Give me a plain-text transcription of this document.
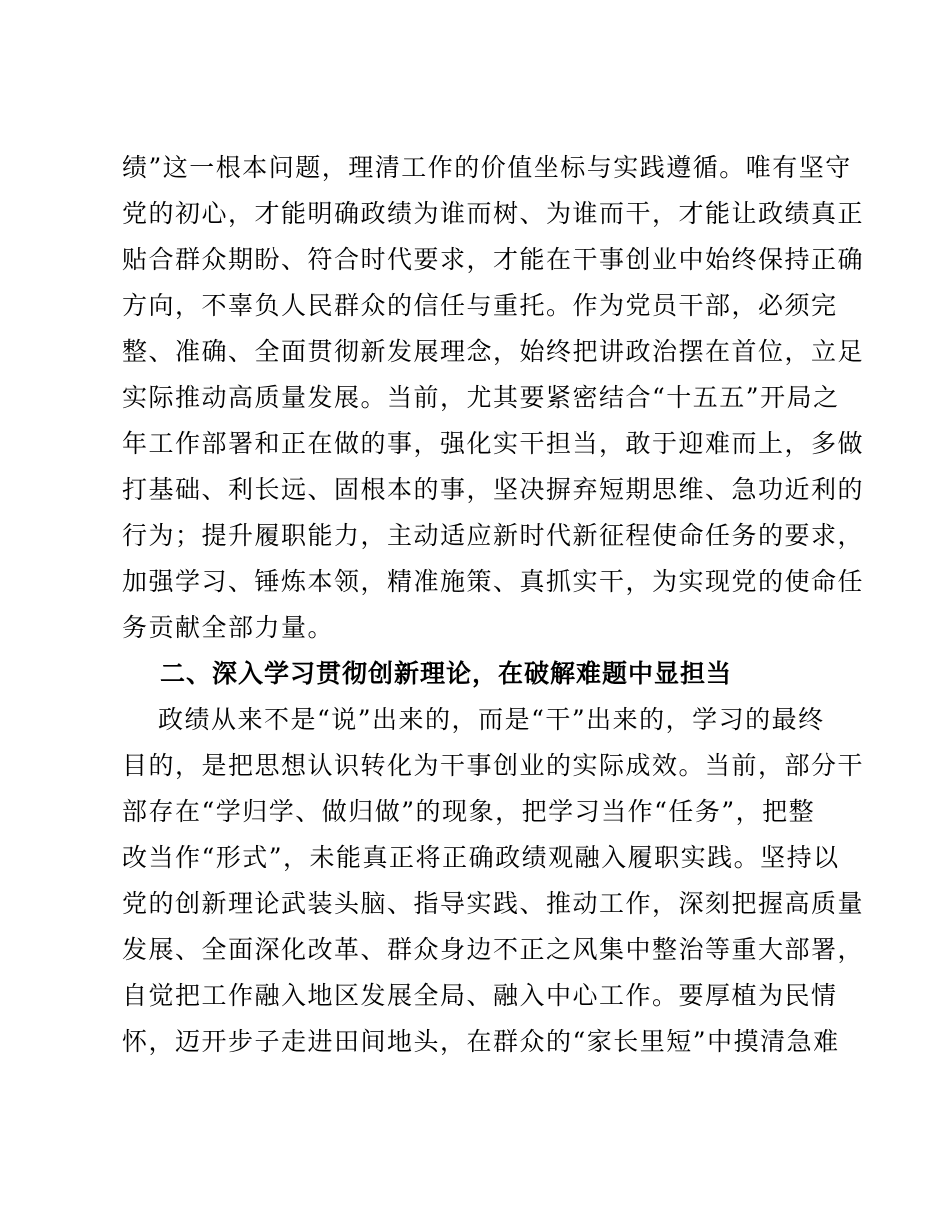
绩”这一根本问题，理清工作的价值坐标与实践遵循。唯有坚守
党的初心，才能明确政绩为谁而树、为谁而干，才能让政绩真正
贴合群众期盼、符合时代要求，才能在干事创业中始终保持正确
方向，不辜负人民群众的信任与重托。作为党员干部，必须完
整、准确、全面贯彻新发展理念，始终把讲政治摆在首位，立足
实际推动高质量发展。当前，尤其要紧密结合“十五五”开局之
年工作部署和正在做的事，强化实干担当，敢于迎难而上，多做
打基础、利长远、固根本的事，坚决摒弃短期思维、急功近利的
行为；提升履职能力，主动适应新时代新征程使命任务的要求，
加强学习、锤炼本领，精准施策、真抓实干，为实现党的使命任
务贡献全部力量。
二、深入学习贯彻创新理论，在破解难题中显担当
政绩从来不是“说”出来的，而是“干”出来的，学习的最终
目的，是把思想认识转化为干事创业的实际成效。当前，部分干
部存在“学归学、做归做”的现象，把学习当作“任务”，把整
改当作“形式”，未能真正将正确政绩观融入履职实践。坚持以
党的创新理论武装头脑、指导实践、推动工作，深刻把握高质量
发展、全面深化改革、群众身边不正之风集中整治等重大部署，
自觉把工作融入地区发展全局、融入中心工作。要厚植为民情
怀，迈开步子走进田间地头，在群众的“家长里短”中摸清急难
